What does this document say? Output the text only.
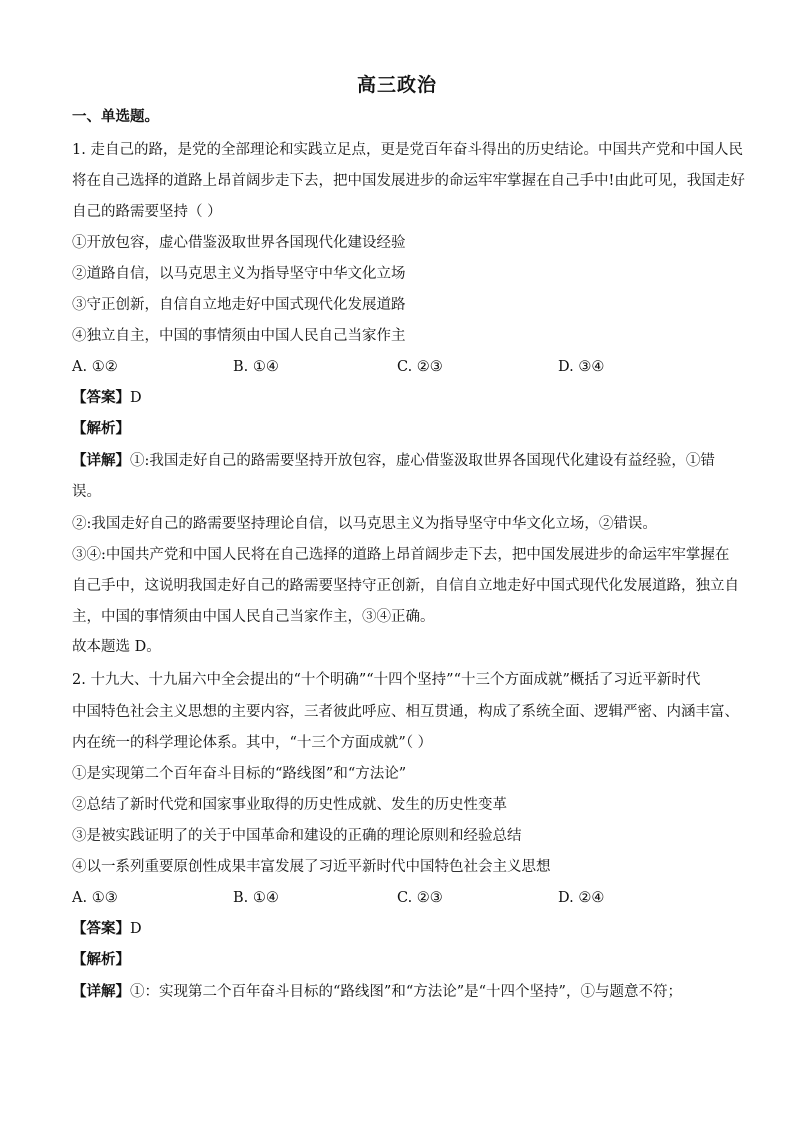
高三政治
一、单选题。
1. 走自己的路，是党的全部理论和实践立足点，更是党百年奋斗得出的历史结论。中国共产党和中国人民
将在自己选择的道路上昂首阔步走下去，把中国发展进步的命运牢牢掌握在自己手中!由此可见，我国走好
自己的路需要坚持（ ）
①开放包容，虚心借鉴汲取世界各国现代化建设经验
②道路自信，以马克思主义为指导坚守中华文化立场
③守正创新，自信自立地走好中国式现代化发展道路
④独立自主，中国的事情须由中国人民自己当家作主
A. ①②	B. ①④	C. ②③	D. ③④
【答案】D
【解析】
【详解】①:我国走好自己的路需要坚持开放包容，虚心借鉴汲取世界各国现代化建设有益经验，①错
误。
②:我国走好自己的路需要坚持理论自信，以马克思主义为指导坚守中华文化立场，②错误。
③④:中国共产党和中国人民将在自己选择的道路上昂首阔步走下去，把中国发展进步的命运牢牢掌握在
自己手中，这说明我国走好自己的路需要坚持守正创新，自信自立地走好中国式现代化发展道路，独立自
主，中国的事情须由中国人民自己当家作主，③④正确。
故本题选 D。
2. 十九大、十九届六中全会提出的“十个明确”“十四个坚持”“十三个方面成就”概括了习近平新时代
中国特色社会主义思想的主要内容，三者彼此呼应、相互贯通，构成了系统全面、逻辑严密、内涵丰富、
内在统一的科学理论体系。其中，“十三个方面成就”（ ）
①是实现第二个百年奋斗目标的“路线图”和“方法论”
②总结了新时代党和国家事业取得的历史性成就、发生的历史性变革
③是被实践证明了的关于中国革命和建设的正确的理论原则和经验总结
④以一系列重要原创性成果丰富发展了习近平新时代中国特色社会主义思想
A. ①③	B. ①④	C. ②③	D. ②④
【答案】D
【解析】
【详解】①：实现第二个百年奋斗目标的“路线图”和“方法论”是“十四个坚持”，①与题意不符；
